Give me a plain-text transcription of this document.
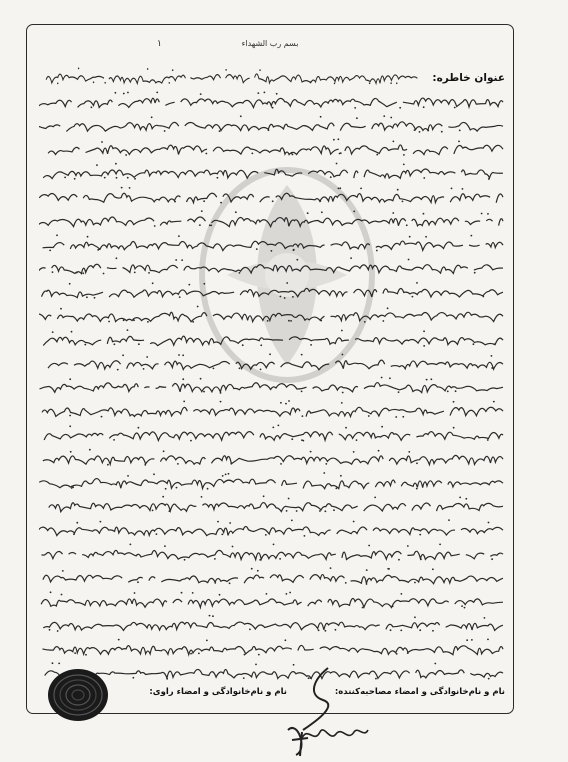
بسم رب الشهداء
۱
عنوان خاطره:
نام و نام‌خانوادگی و امضاء مصاحبه‌کننده:
نام و نام‌خانوادگی و امضاء راوی:
